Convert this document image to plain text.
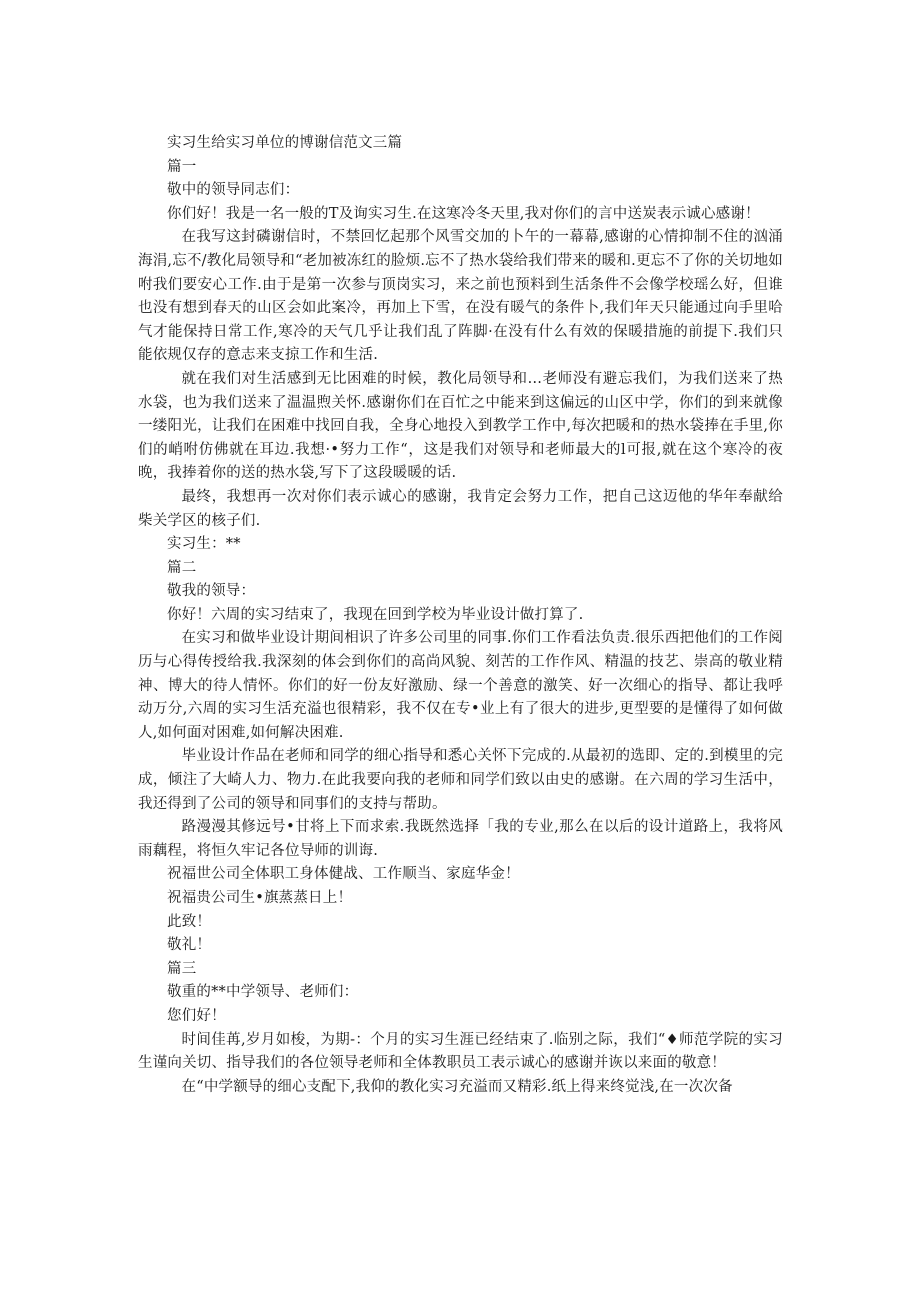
实习生给实习单位的博谢信范文三篇

篇一

敬中的领导同志们：

你们好！我是一名一般的T及询实习生.在这寒冷冬天里,我对你们的言中送炭表示诚心感谢！

在我写这封磷谢信时，不禁回忆起那个风雪交加的卜午的一幕幕,感谢的心情抑制不住的汹涌海涓,忘不/教化局领导和“老加被冻红的脸烦.忘不了热水袋给我们带来的暖和.更忘不了你的关切地如咐我们要安心工作.由于是第一次参与顶岗实习，来之前也预料到生活条件不会像学校瑶么好，但谁也没有想到春天的山区会如此案冷，再加上下雪，在没有暖气的条件卜,我们年天只能通过向手里哈气才能保持日常工作,寒冷的天气几乎让我们乱了阵脚·在没有什么有效的保暖措施的前提下.我们只能依规仅存的意志来支掠工作和生活.

就在我们对生活感到无比困难的时候，教化局领导和…老师没有避忘我们，为我们送来了热水袋，也为我们送来了温温煦关怀.感谢你们在百忙之中能来到这偏远的山区中学，你们的到来就像一缕阳光，让我们在困难中找回自我，全身心地投入到教学工作中,每次把暖和的热水袋捧在手里,你们的峭咐仿佛就在耳边.我想·•努力工作“，这是我们对领导和老师最大的l可报,就在这个寒冷的夜晚，我捧着你的送的热水袋,写下了这段暖暖的话.

最终，我想再一次对你们表示诚心的感谢，我肯定会努力工作，把自己这迈他的华年奉献给柴关学区的核子们.

实习生：**

篇二

敬我的领导：

你好！六周的实习结束了，我现在回到学校为毕业设计做打算了.

在实习和做毕业设计期间相识了许多公司里的同事.你们工作看法负责.很乐西把他们的工作阅历与心得传授给我.我深刻的体会到你们的高尚风貌、刻苦的工作作风、精温的技艺、崇高的敬业精神、博大的待人情怀。你们的好一份友好激励、绿一个善意的激笑、好一次细心的指导、都让我呼动万分,六周的实习生活充溢也很精彩，我不仅在专•业上有了很大的进步,更型要的是懂得了如何做人,如何面对困难,如何解决困难.

毕业设计作品在老师和同学的细心指导和悉心关怀下完成的.从最初的选即、定的.到模里的完成，倾注了大崎人力、物力.在此我要向我的老师和同学们致以由史的感谢。在六周的学习生活中，我还得到了公司的领导和同事们的支持与帮助。

路漫漫其修远号•甘将上下而求索.我既然选择「我的专业,那么在以后的设计道路上，我将风雨藕程，将恒久牢记各位导师的训诲.

祝福世公司全体职工身体健战、工作顺当、家庭华金！

祝福贵公司生•旗蒸蒸日上！

此致！

敬礼！

篇三

敬重的**中学领导、老师们：

您们好！

时间佳苒,岁月如梭，为期-：个月的实习生涯已经结束了.临别之际，我们“♦师范学院的实习生谨向关切、指导我们的各位领导老师和全体教职员工表示诚心的感谢并诙以来面的敬意！

在“中学额导的细心支配下,我仰的教化实习充溢而又精彩.纸上得来终觉浅,在一次次备
